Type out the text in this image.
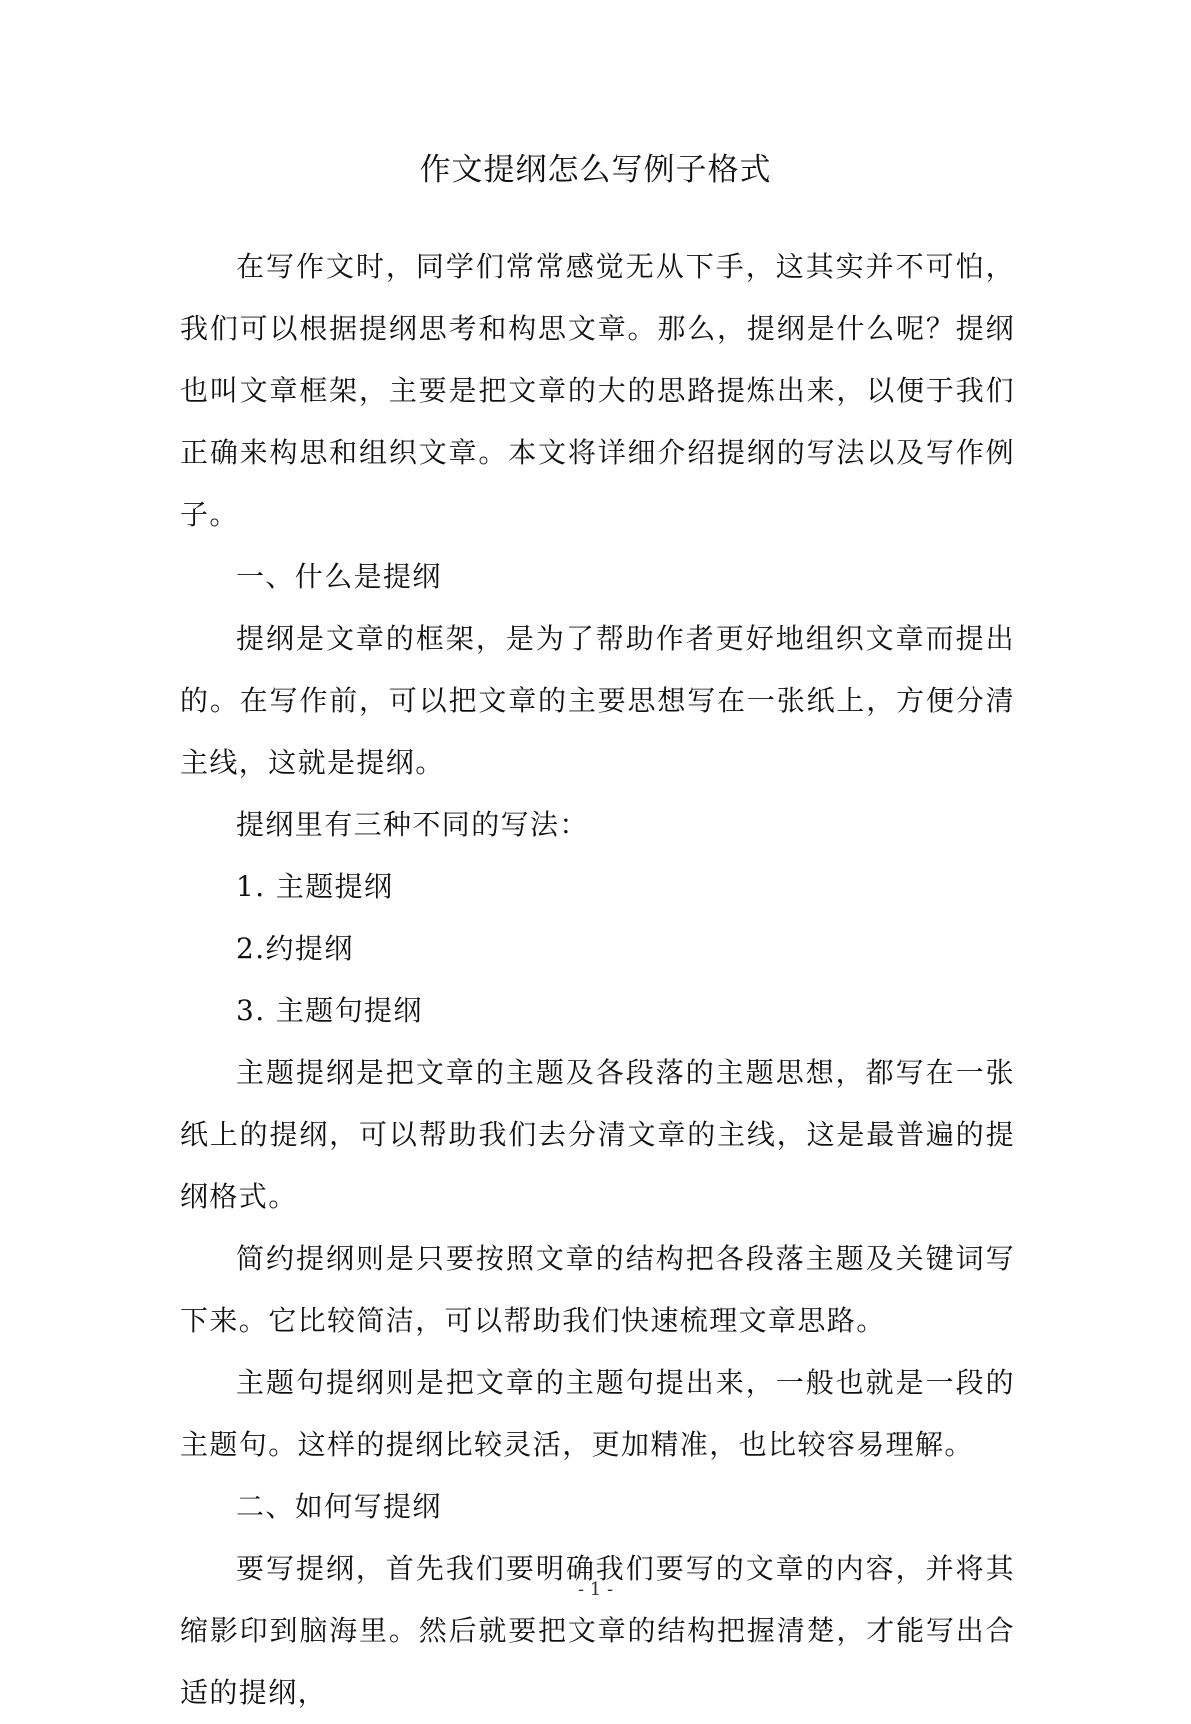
作文提纲怎么写例子格式

在写作文时，同学们常常感觉无从下手，这其实并不可怕，我们可以根据提纲思考和构思文章。那么，提纲是什么呢？提纲也叫文章框架，主要是把文章的大的思路提炼出来，以便于我们正确来构思和组织文章。本文将详细介绍提纲的写法以及写作例子。

一、什么是提纲

提纲是文章的框架，是为了帮助作者更好地组织文章而提出的。在写作前，可以把文章的主要思想写在一张纸上，方便分清主线，这就是提纲。

提纲里有三种不同的写法：

1. 主题提纲

2.约提纲

3. 主题句提纲

主题提纲是把文章的主题及各段落的主题思想，都写在一张纸上的提纲，可以帮助我们去分清文章的主线，这是最普遍的提纲格式。

简约提纲则是只要按照文章的结构把各段落主题及关键词写下来。它比较简洁，可以帮助我们快速梳理文章思路。

主题句提纲则是把文章的主题句提出来，一般也就是一段的主题句。这样的提纲比较灵活，更加精准，也比较容易理解。

二、如何写提纲

要写提纲，首先我们要明确我们要写的文章的内容，并将其缩影印到脑海里。然后就要把文章的结构把握清楚，才能写出合适的提纲，

- 1 -
